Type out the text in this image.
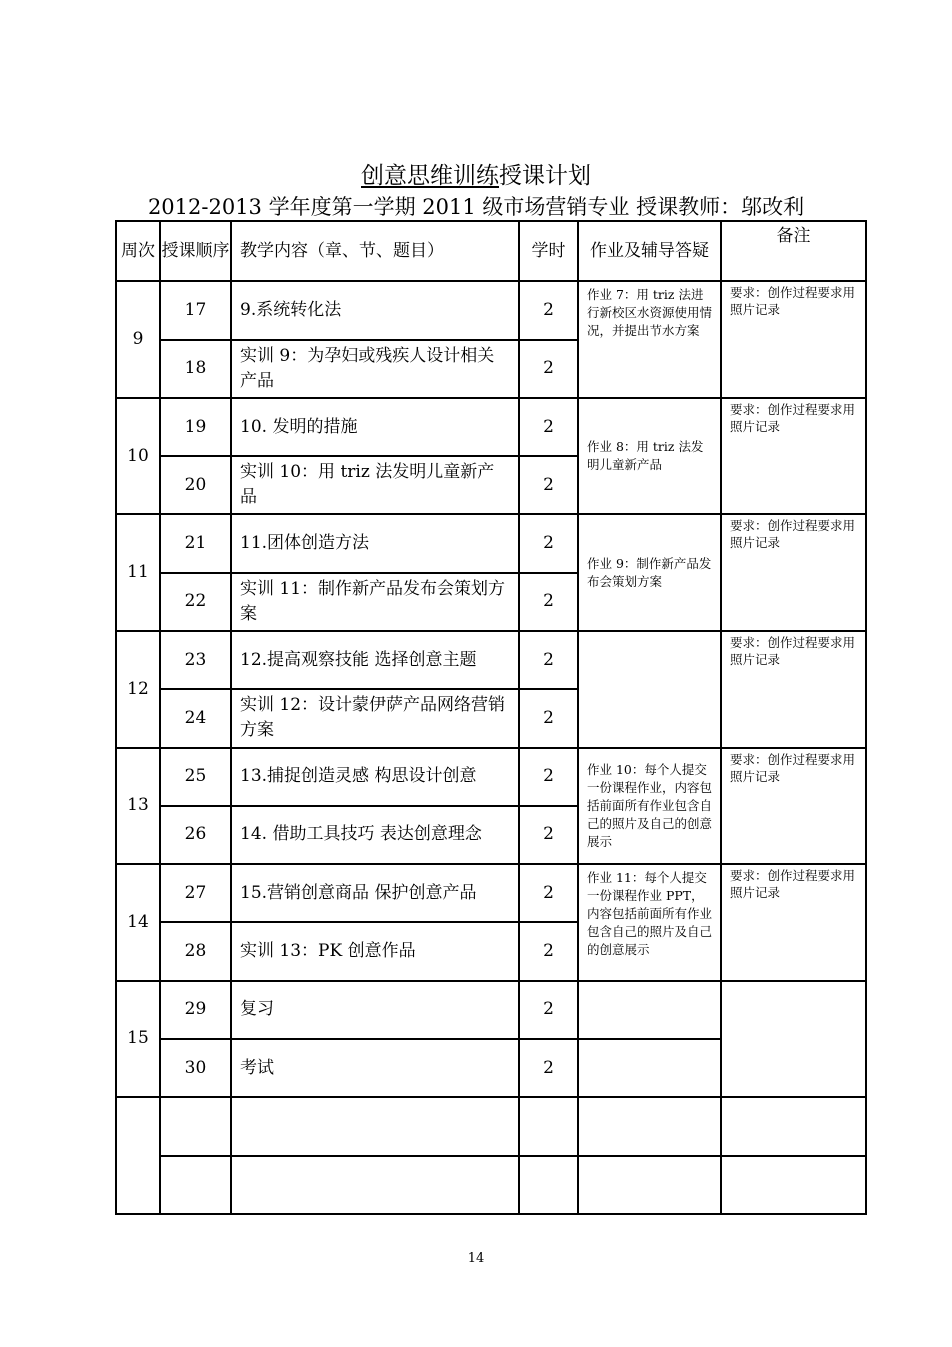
创意思维训练授课计划
2012-2013 学年度第一学期 2011 级市场营销专业 授课教师：邬改利
周次	授课顺序	教学内容（章、节、题目）	学时	作业及辅导答疑	备注
9	17	9.系统转化法	2	作业 7：用 triz 法进行新校区水资源使用情况，并提出节水方案	要求：创作过程要求用照片记录
	18	实训 9：为孕妇或残疾人设计相关产品	2		
10	19	10. 发明的措施	2	作业 8：用 triz 法发明儿童新产品	要求：创作过程要求用照片记录
	20	实训 10：用 triz 法发明儿童新产品	2		
11	21	11.团体创造方法	2	作业 9：制作新产品发布会策划方案	要求：创作过程要求用照片记录
	22	实训 11：制作新产品发布会策划方案	2		
12	23	12.提高观察技能 选择创意主题	2		要求：创作过程要求用照片记录
	24	实训 12：设计蒙伊萨产品网络营销方案	2		
13	25	13.捕捉创造灵感 构思设计创意	2	作业 10：每个人提交一份课程作业，内容包括前面所有作业包含自己的照片及自己的创意展示	要求：创作过程要求用照片记录
	26	14. 借助工具技巧 表达创意理念	2		
14	27	15.营销创意商品 保护创意产品	2	作业 11：每个人提交一份课程作业 PPT，内容包括前面所有作业包含自己的照片及自己的创意展示	要求：创作过程要求用照片记录
	28	实训 13：PK 创意作品	2		
15	29	复习	2		
	30	考试	2		

14
